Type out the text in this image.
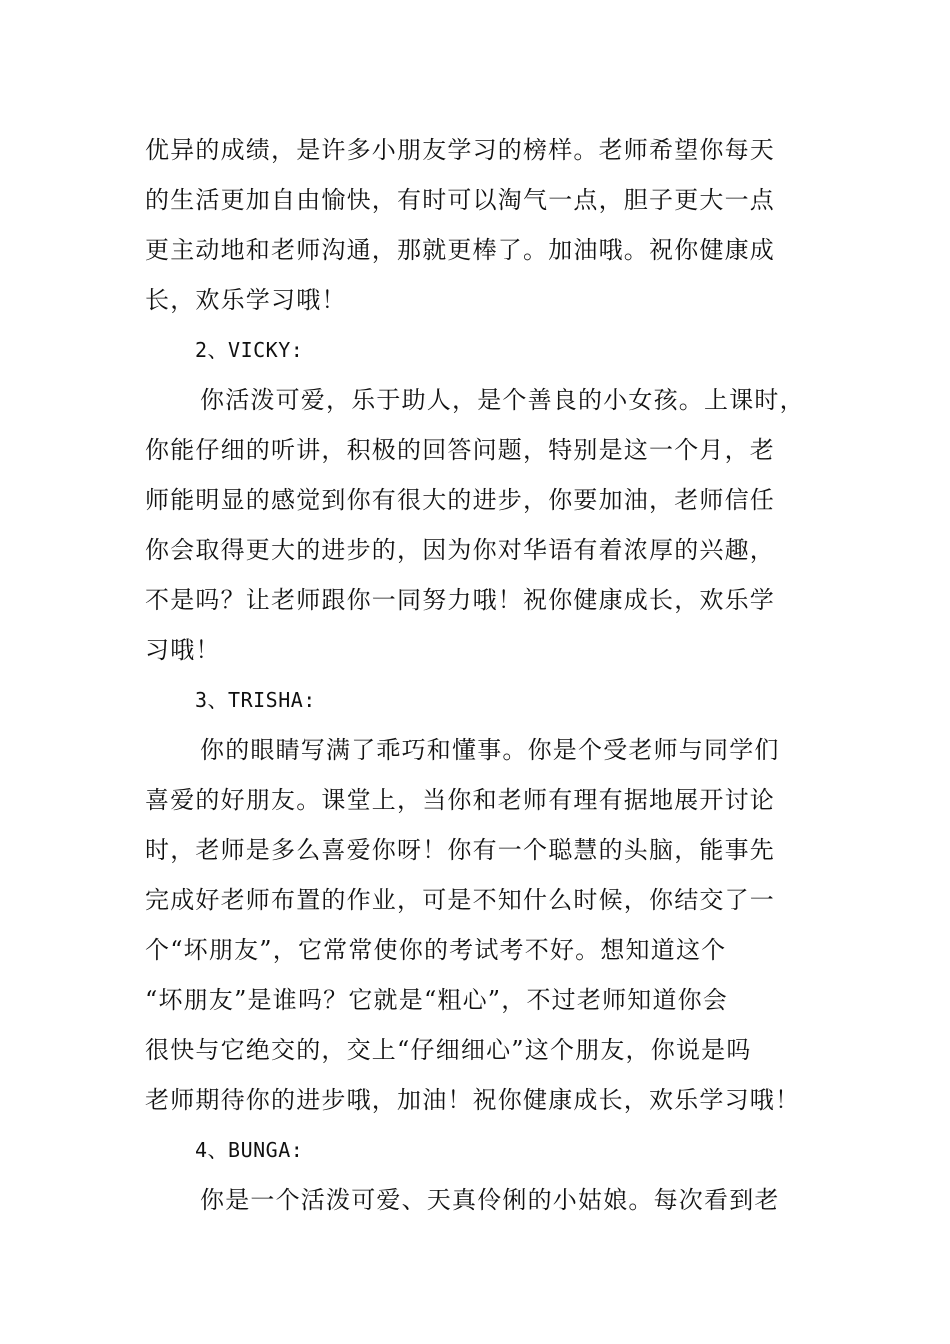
优异的成绩，是许多小朋友学习的榜样。老师希望你每天
的生活更加自由愉快，有时可以淘气一点，胆子更大一点
更主动地和老师沟通，那就更棒了。加油哦。祝你健康成
长，欢乐学习哦！
2、VICKY:
你活泼可爱，乐于助人，是个善良的小女孩。上课时，
你能仔细的听讲，积极的回答问题，特别是这一个月，老
师能明显的感觉到你有很大的进步，你要加油，老师信任
你会取得更大的进步的，因为你对华语有着浓厚的兴趣，
不是吗？让老师跟你一同努力哦！祝你健康成长，欢乐学
习哦！
3、TRISHA:
你的眼睛写满了乖巧和懂事。你是个受老师与同学们
喜爱的好朋友。课堂上，当你和老师有理有据地展开讨论
时，老师是多么喜爱你呀！你有一个聪慧的头脑，能事先
完成好老师布置的作业，可是不知什么时候，你结交了一
个“坏朋友”，它常常使你的考试考不好。想知道这个
“坏朋友”是谁吗？它就是“粗心”，不过老师知道你会
很快与它绝交的，交上“仔细细心”这个朋友，你说是吗
老师期待你的进步哦，加油！祝你健康成长，欢乐学习哦！
4、BUNGA:
你是一个活泼可爱、天真伶俐的小姑娘。每次看到老
